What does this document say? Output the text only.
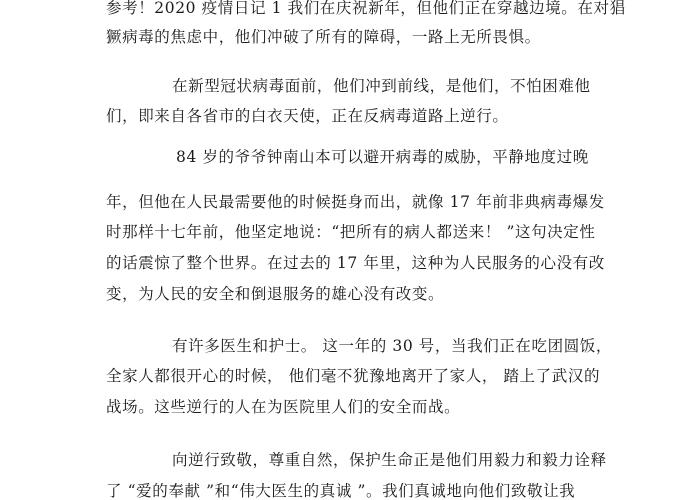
参考！2020 疫情日记 1 我们在庆祝新年，但他们正在穿越边境。在对猖
獗病毒的焦虑中，他们冲破了所有的障碍，一路上无所畏惧。
在新型冠状病毒面前，他们冲到前线，是他们，不怕困难他
们，即来自各省市的白衣天使，正在反病毒道路上逆行。
84 岁的爷爷钟南山本可以避开病毒的威胁，平静地度过晚
年，但他在人民最需要他的时候挺身而出，就像 17 年前非典病毒爆发
时那样十七年前，他坚定地说：“把所有的病人都送来！ ”这句决定性
的话震惊了整个世界。在过去的 17 年里，这种为人民服务的心没有改
变，为人民的安全和倒退服务的雄心没有改变。
有许多医生和护士。 这一年的 30 号，当我们正在吃团圆饭，
全家人都很开心的时候， 他们毫不犹豫地离开了家人， 踏上了武汉的
战场。这些逆行的人在为医院里人们的安全而战。
向逆行致敬，尊重自然，保护生命正是他们用毅力和毅力诠释
了 “爱的奉献 ”和“伟大医生的真诚 ”。我们真诚地向他们致敬让我
